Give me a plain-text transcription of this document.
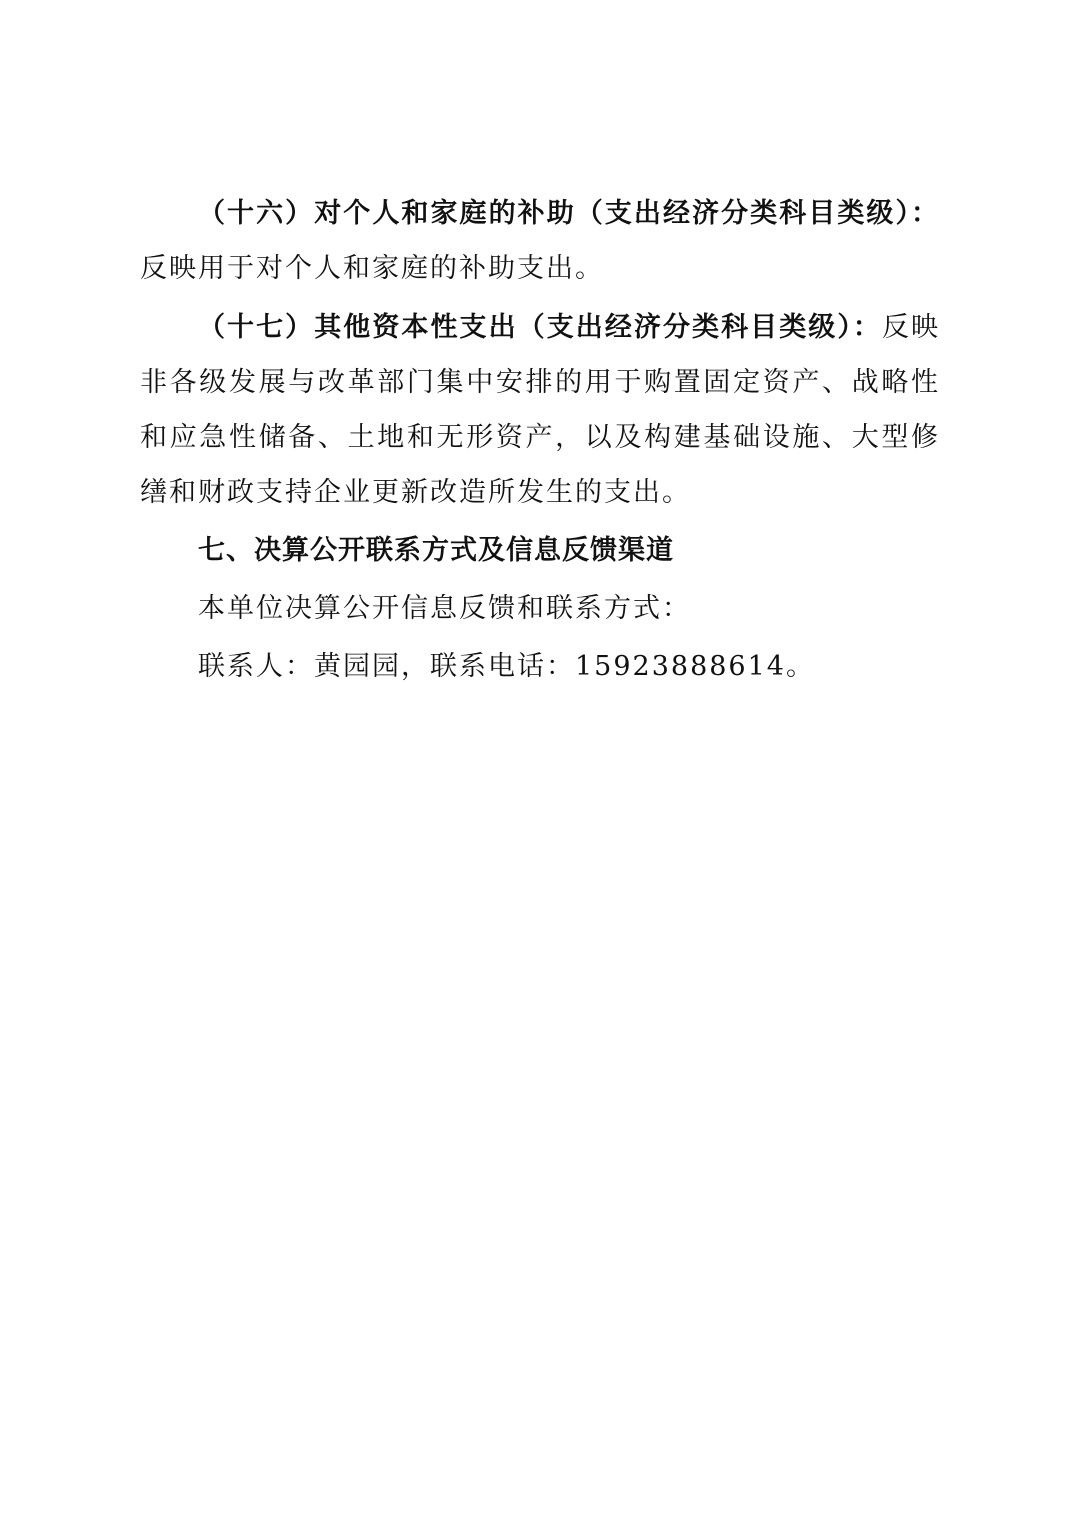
（十六）对个人和家庭的补助（支出经济分类科目类级）：反映用于对个人和家庭的补助支出。

（十七）其他资本性支出（支出经济分类科目类级）：反映非各级发展与改革部门集中安排的用于购置固定资产、战略性和应急性储备、土地和无形资产，以及构建基础设施、大型修缮和财政支持企业更新改造所发生的支出。

七、决算公开联系方式及信息反馈渠道

本单位决算公开信息反馈和联系方式：

联系人：黄园园，联系电话：15923888614。
